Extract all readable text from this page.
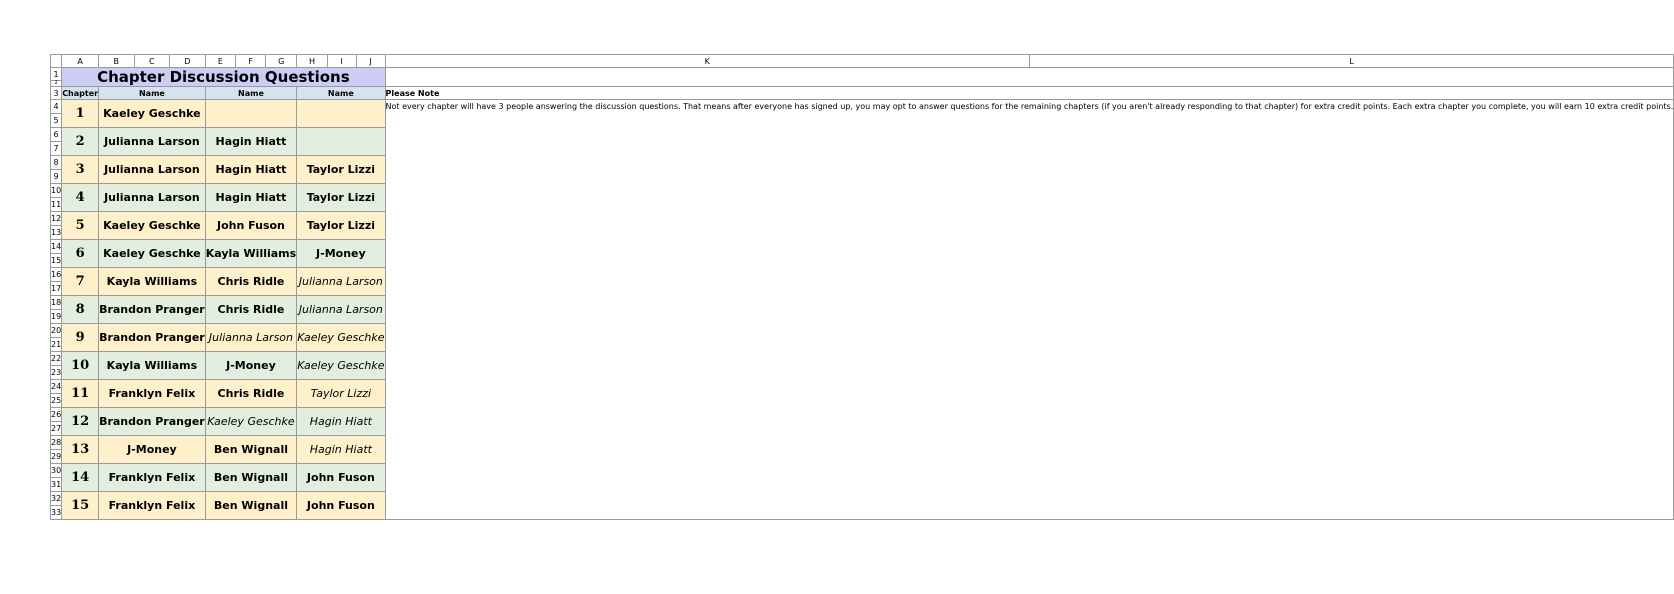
	A	B	C	D	E	F	G	H	I	J	K	L
1	Chapter Discussion Questions											
2												
3	Chapter	Name			Name			Name			Please Note	
4	1	Kaeley Geschke									Not every chapter will have 3 people answering the discussion questions. That means after everyone has signed up, you may opt to answer questions for the remaining chapters (if you aren't already responding to that chapter) for extra credit points. Each extra chapter you complete, you will earn 10 extra credit points.	
5												
6	2	Julianna Larson			Hagin Hiatt							
7												
8	3	Julianna Larson			Hagin Hiatt			Taylor Lizzi				
9												
10	4	Julianna Larson			Hagin Hiatt			Taylor Lizzi				
11												
12	5	Kaeley Geschke			John Fuson			Taylor Lizzi				
13												
14	6	Kaeley Geschke			Kayla Williams			J-Money				
15												
16	7	Kayla Williams			Chris Ridle			Julianna Larson				
17												
18	8	Brandon Pranger			Chris Ridle			Julianna Larson				
19												
20	9	Brandon Pranger			Julianna Larson			Kaeley Geschke				
21												
22	10	Kayla Williams			J-Money			Kaeley Geschke				
23												
24	11	Franklyn Felix			Chris Ridle			Taylor Lizzi				
25												
26	12	Brandon Pranger			Kaeley Geschke			Hagin Hiatt				
27												
28	13	J-Money			Ben Wignall			Hagin Hiatt				
29												
30	14	Franklyn Felix			Ben Wignall			John Fuson				
31												
32	15	Franklyn Felix			Ben Wignall			John Fuson				
33												
